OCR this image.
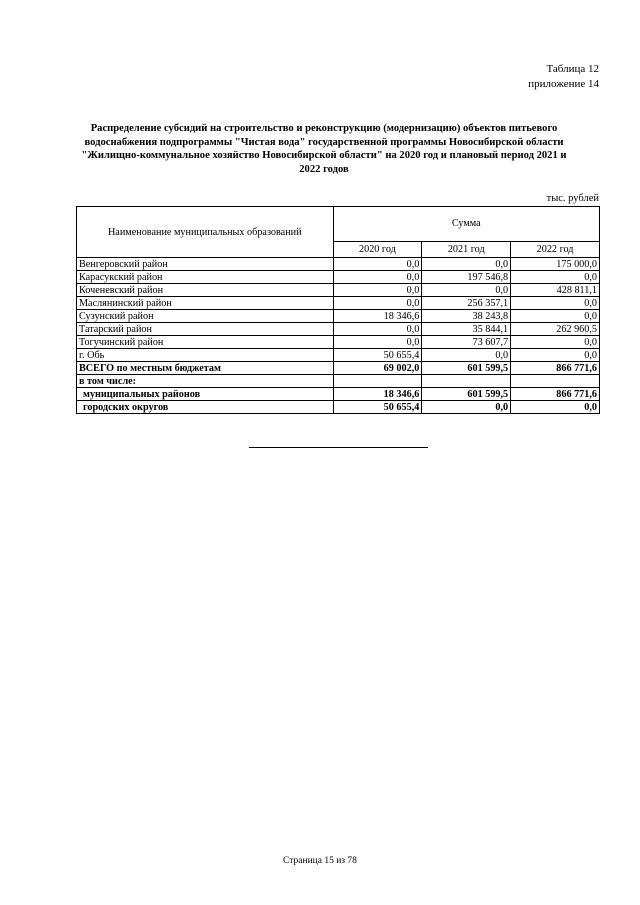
Таблица 12
приложение 14
Распределение субсидий на строительство и реконструкцию (модернизацию) объектов питьевого
водоснабжения подпрограммы "Чистая вода" государственной программы Новосибирской области
"Жилищно-коммунальное хозяйство Новосибирской области" на 2020 год и плановый период 2021 и
2022 годов
тыс. рублей
Наименование муниципальных образований	Сумма		
	2020 год	2021 год	2022 год
Венгеровский район	0,0	0,0	175 000,0
Карасукский район	0,0	197 546,8	0,0
Коченевский район	0,0	0,0	428 811,1
Маслянинский район	0,0	256 357,1	0,0
Сузунский район	18 346,6	38 243,8	0,0
Татарский район	0,0	35 844,1	262 960,5
Тогучинский район	0,0	73 607,7	0,0
г. Обь	50 655,4	0,0	0,0
ВСЕГО по местным бюджетам	69 002,0	601 599,5	866 771,6
в том числе:			
муниципальных районов	18 346,6	601 599,5	866 771,6
городских округов	50 655,4	0,0	0,0
Страница 15 из 78
